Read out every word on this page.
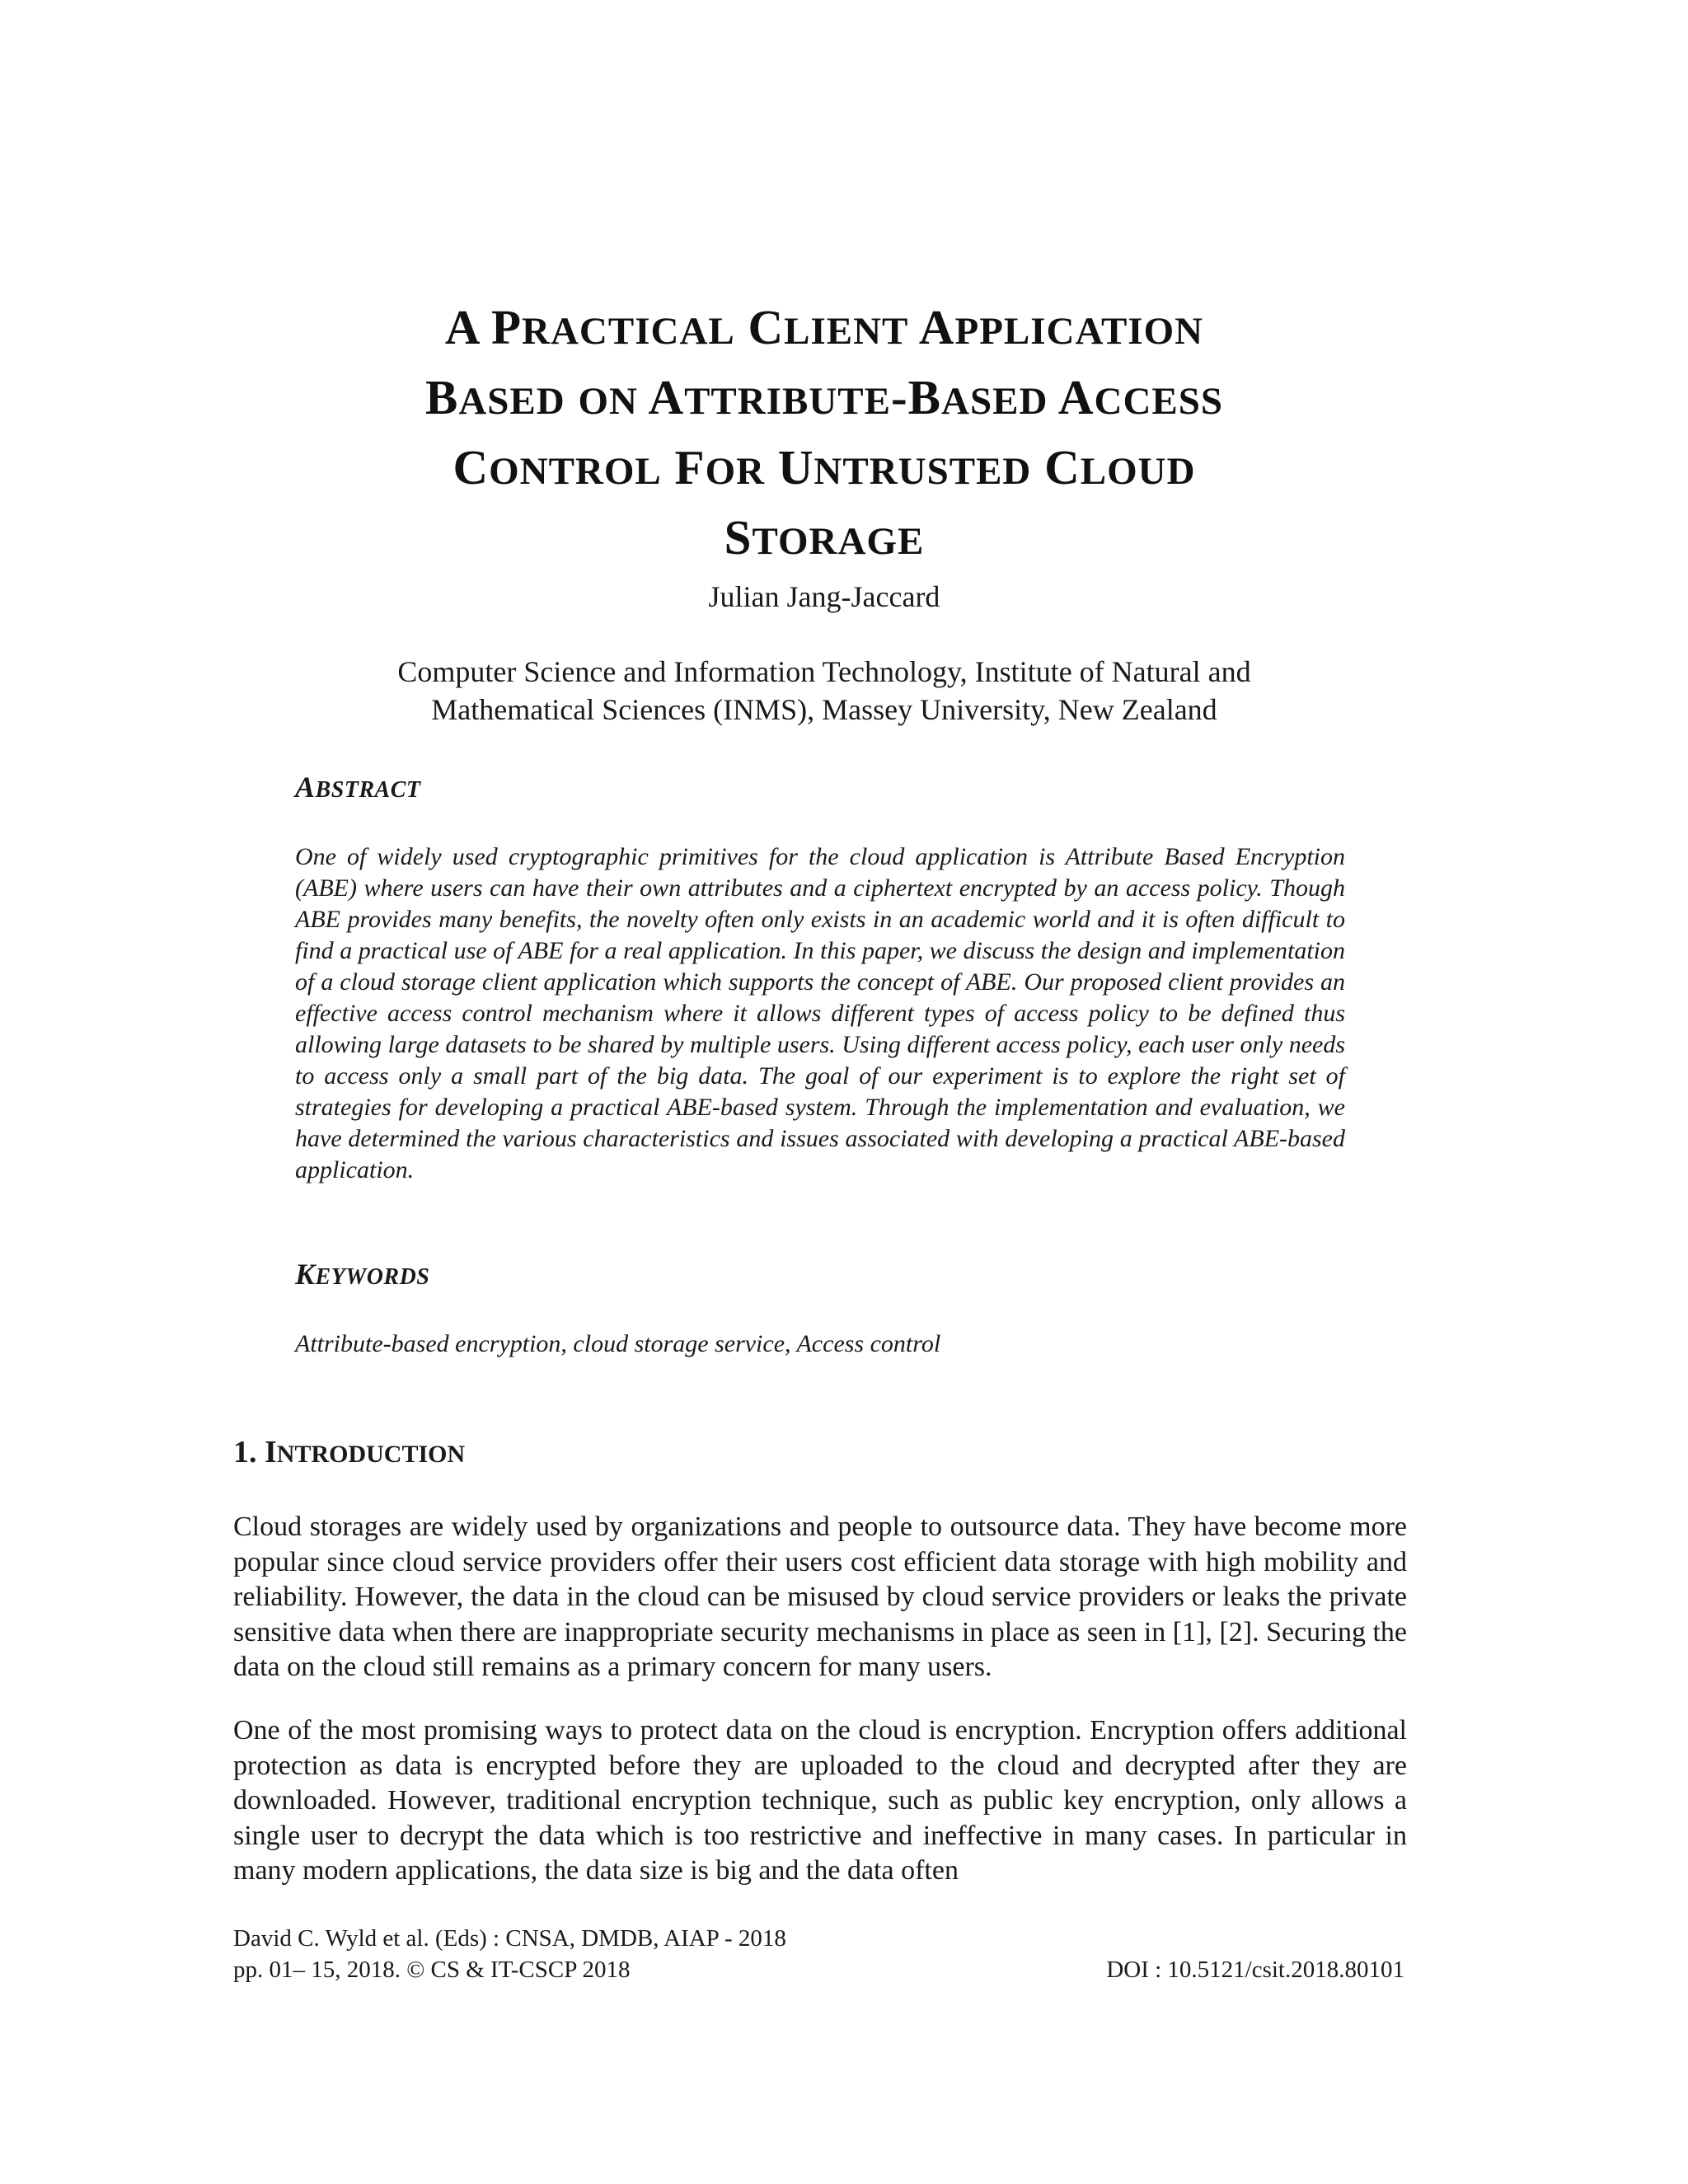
A PRACTICAL CLIENT APPLICATION
BASED ON ATTRIBUTE-BASED ACCESS
CONTROL FOR UNTRUSTED CLOUD
STORAGE
Julian Jang-Jaccard
Computer Science and Information Technology, Institute of Natural and
Mathematical Sciences (INMS), Massey University, New Zealand
ABSTRACT
One of widely used cryptographic primitives for the cloud application is Attribute Based Encryption (ABE) where users can have their own attributes and a ciphertext encrypted by an access policy. Though ABE provides many benefits, the novelty often only exists in an academic world and it is often difficult to find a practical use of ABE for a real application. In this paper, we discuss the design and implementation of a cloud storage client application which supports the concept of ABE. Our proposed client provides an effective access control mechanism where it allows different types of access policy to be defined thus allowing large datasets to be shared by multiple users. Using different access policy, each user only needs to access only a small part of the big data. The goal of our experiment is to explore the right set of strategies for developing a practical ABE-based system. Through the implementation and evaluation, we have determined the various characteristics and issues associated with developing a practical ABE-based application.
KEYWORDS
Attribute-based encryption, cloud storage service, Access control
1. INTRODUCTION
Cloud storages are widely used by organizations and people to outsource data. They have become more popular since cloud service providers offer their users cost efficient data storage with high mobility and reliability. However, the data in the cloud can be misused by cloud service providers or leaks the private sensitive data when there are inappropriate security mechanisms in place as seen in [1], [2]. Securing the data on the cloud still remains as a primary concern for many users.
One of the most promising ways to protect data on the cloud is encryption. Encryption offers additional protection as data is encrypted before they are uploaded to the cloud and decrypted after they are downloaded. However, traditional encryption technique, such as public key encryption, only allows a single user to decrypt the data which is too restrictive and ineffective in many cases. In particular in many modern applications, the data size is big and the data often
David C. Wyld et al. (Eds) : CNSA, DMDB, AIAP - 2018
pp. 01– 15, 2018. © CS & IT-CSCP 2018	DOI : 10.5121/csit.2018.80101
